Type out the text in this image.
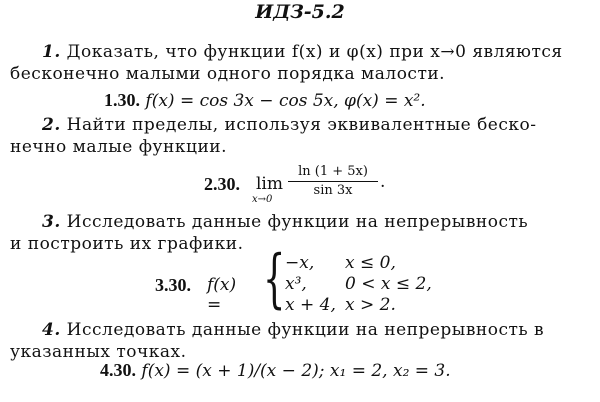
ИДЗ-5.2
1. Доказать, что функции f(x) и φ(x) при x→0 являются
бесконечно малыми одного порядка малости.
1.30. f(x) = cos 3x − cos 5x, φ(x) = x².
2. Найти пределы, используя эквивалентные беско-
нечно малые функции.
2.30. lim
x→0
ln (1 + 5x)
sin 3x	.
3. Исследовать данные функции на непрерывность
и построить их графики.
3.30. f(x) = { −x, x ≤ 0,
x³, 0 < x ≤ 2,
x + 4, x > 2.
4. Исследовать данные функции на непрерывность в
указанных точках.
4.30. f(x) = (x + 1)/(x − 2); x₁ = 2, x₂ = 3.
